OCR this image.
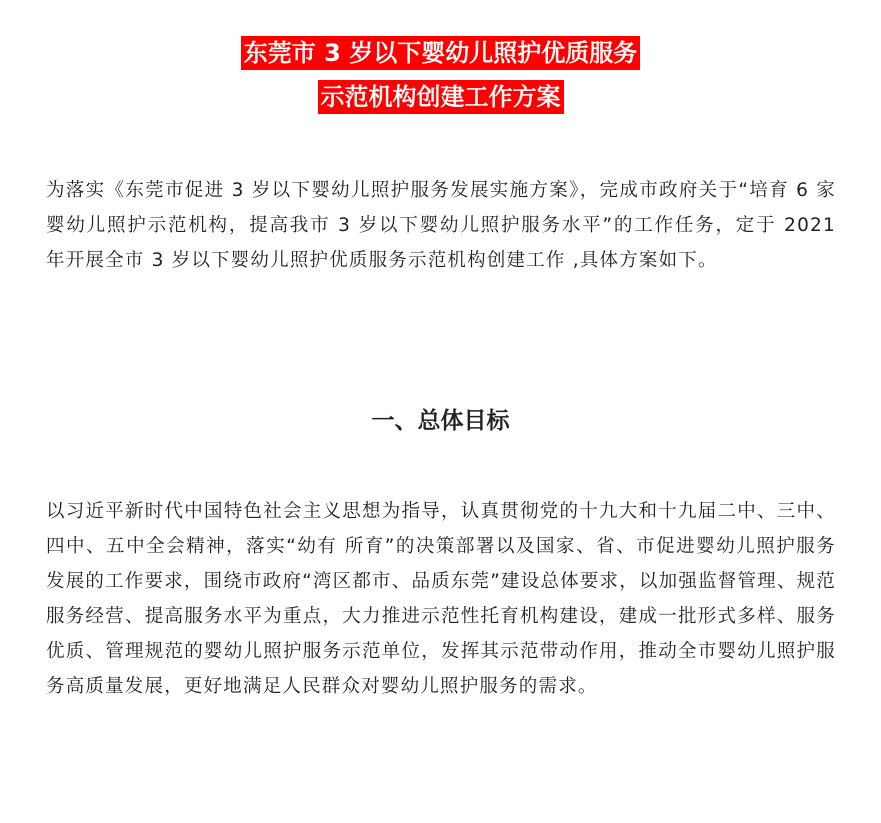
东莞市 3 岁以下婴幼儿照护优质服务
示范机构创建工作方案

为落实《东莞市促进 3 岁以下婴幼儿照护服务发展实施方案》，完成市政府关于“培育 6 家婴幼儿照护示范机构，提高我市 3 岁以下婴幼儿照护服务水平”的工作任务，定于 2021 年开展全市 3 岁以下婴幼儿照护优质服务示范机构创建工作 ,具体方案如下。

一、总体目标

以习近平新时代中国特色社会主义思想为指导，认真贯彻党的十九大和十九届二中、三中、四中、五中全会精神，落实“幼有 所育”的决策部署以及国家、省、市促进婴幼儿照护服务发展的工作要求，围绕市政府“湾区都市、品质东莞”建设总体要求，以加强监督管理、规范服务经营、提高服务水平为重点，大力推进示范性托育机构建设，建成一批形式多样、服务优质、管理规范的婴幼儿照护服务示范单位，发挥其示范带动作用，推动全市婴幼儿照护服务高质量发展，更好地满足人民群众对婴幼儿照护服务的需求。
